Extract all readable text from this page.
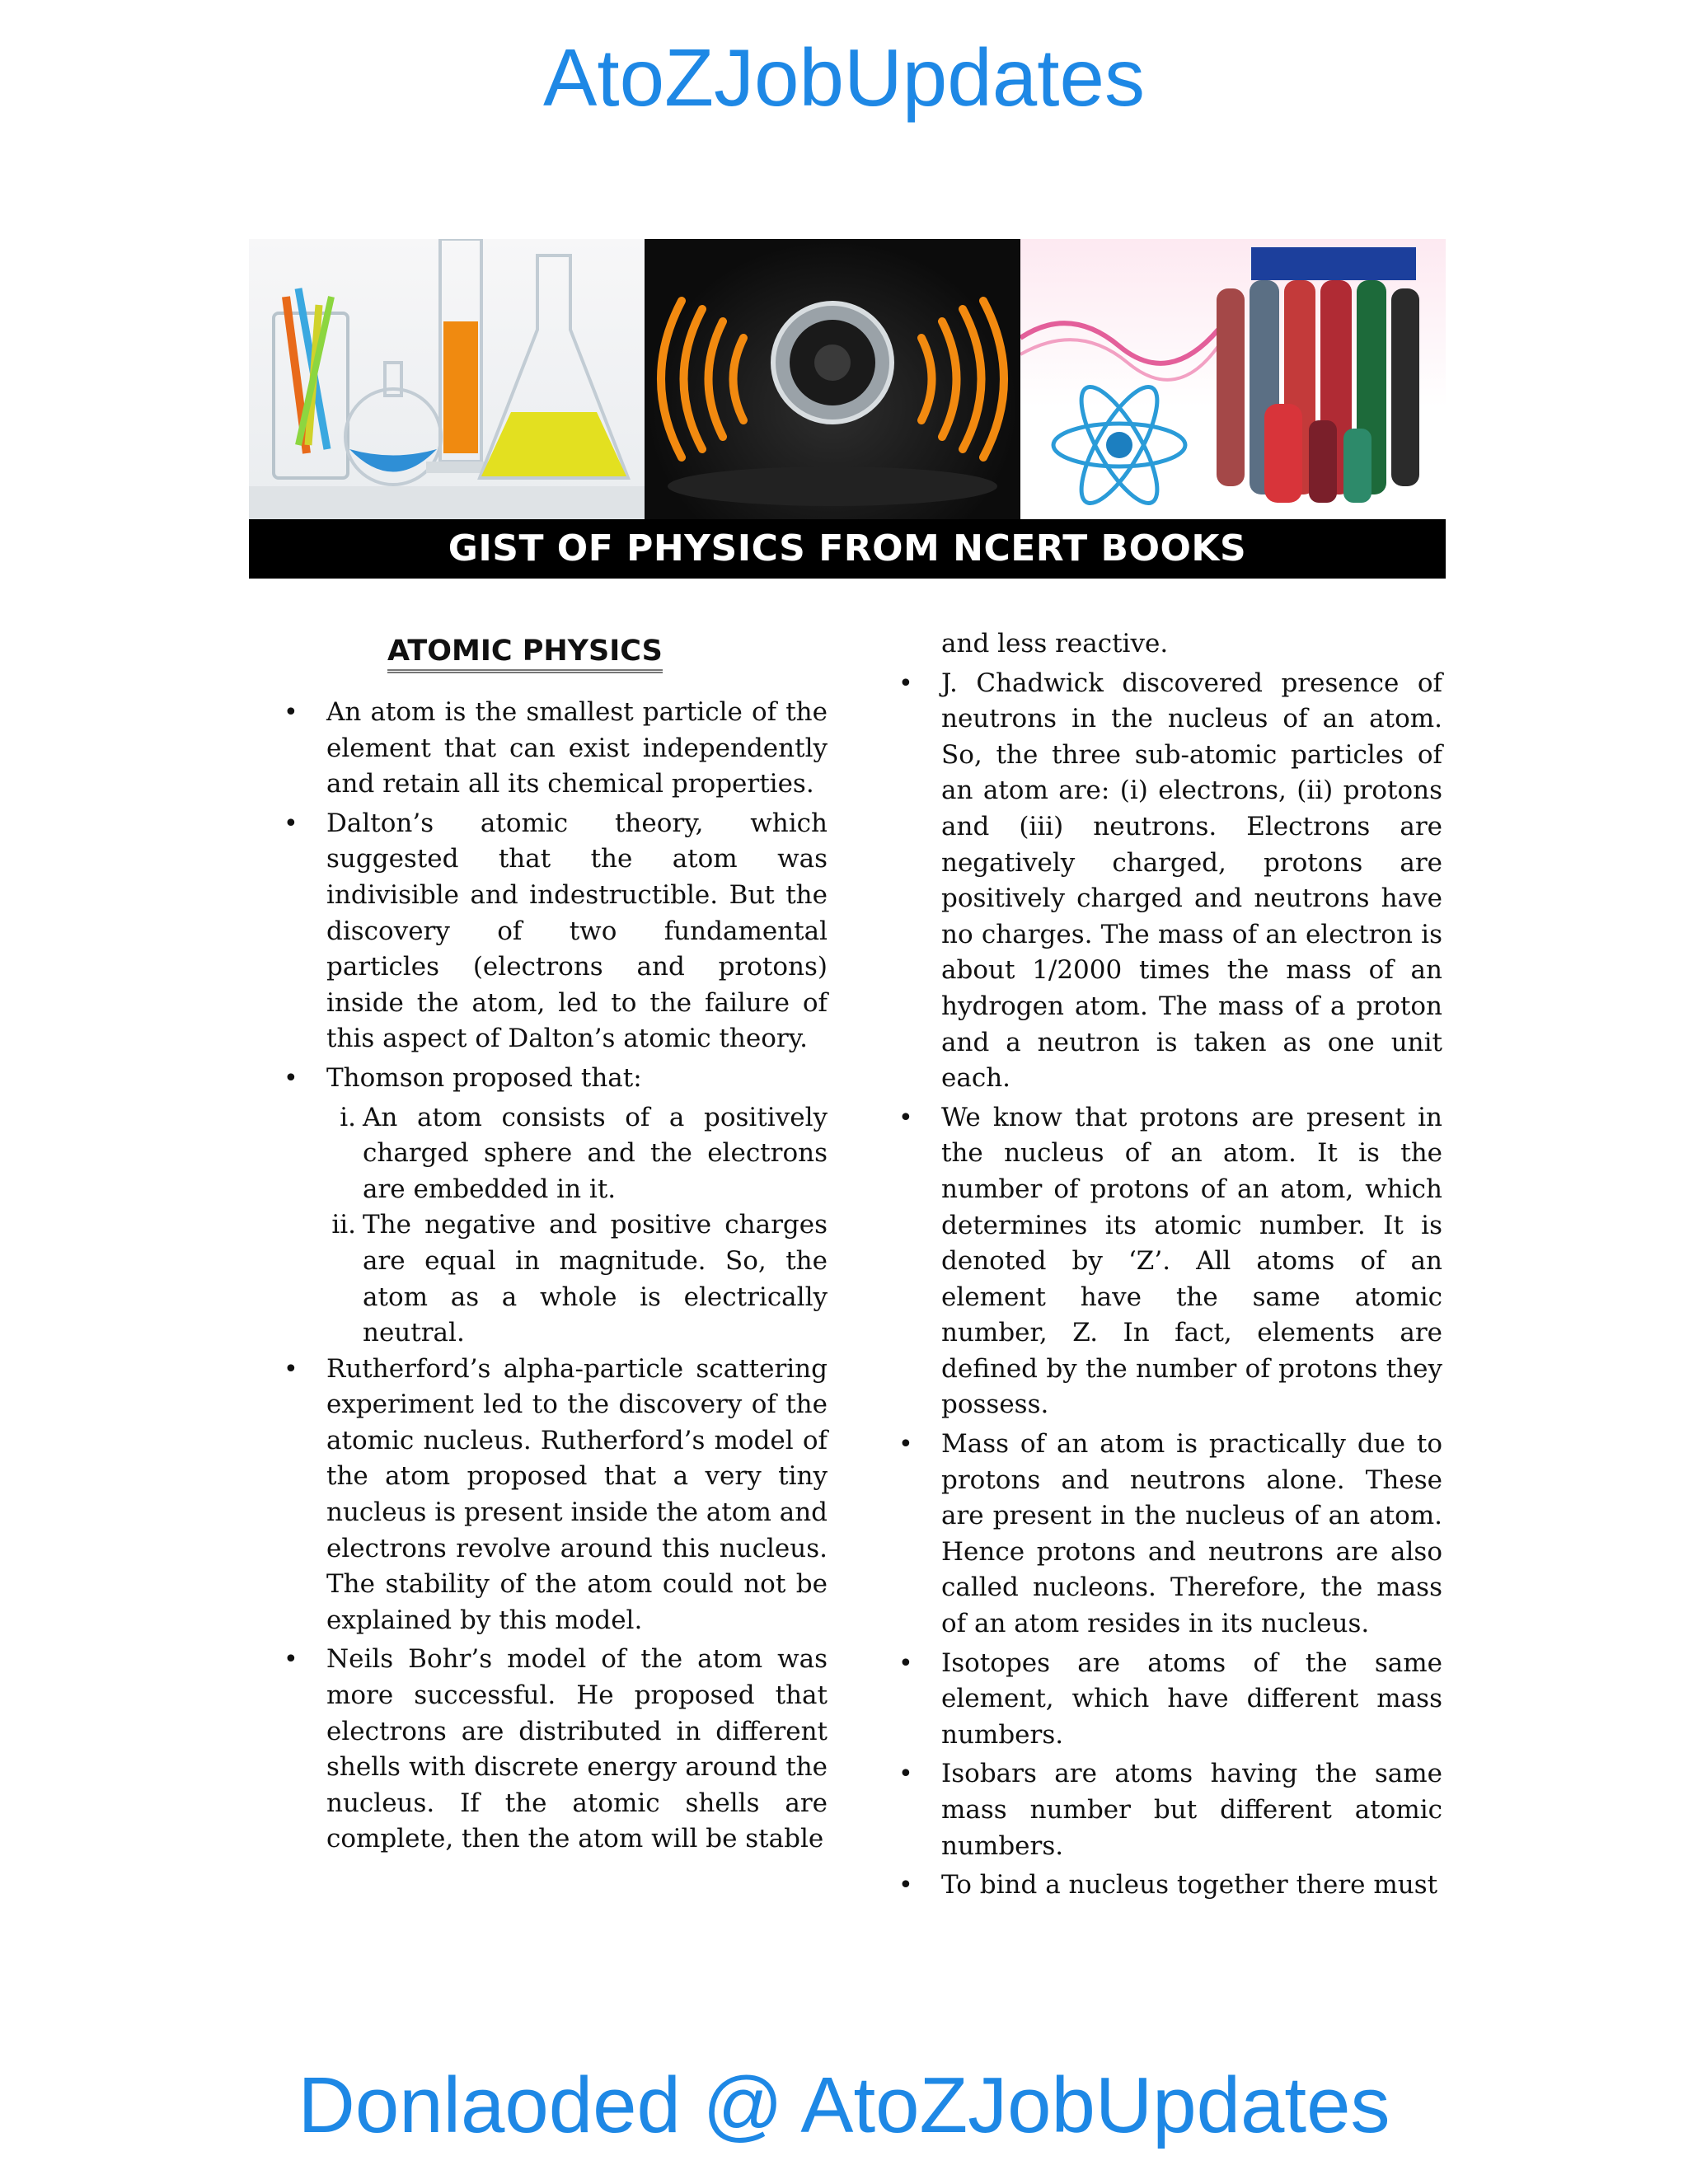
AtoZJobUpdates
GIST OF PHYSICS FROM NCERT BOOKS
ATOMIC PHYSICS

• An atom is the smallest particle of the element that can exist independently and retain all its chemical properties.

• Dalton’s atomic theory, which suggested that the atom was indivisible and indestructible. But the discovery of two fundamental particles (electrons and protons) inside the atom, led to the failure of this aspect of Dalton’s atomic theory.

• Thomson proposed that:

i. An atom consists of a positively charged sphere and the electrons are embedded in it.

ii. The negative and positive charges are equal in magnitude. So, the atom as a whole is electrically neutral.

• Rutherford’s alpha-particle scattering experiment led to the discovery of the atomic nucleus. Rutherford’s model of the atom proposed that a very tiny nucleus is present inside the atom and electrons revolve around this nucleus. The stability of the atom could not be explained by this model.

• Neils Bohr’s model of the atom was more successful. He proposed that electrons are distributed in different shells with discrete energy around the nucleus. If the atomic shells are complete, then the atom will be stable

and less reactive.

• J. Chadwick discovered presence of neutrons in the nucleus of an atom. So, the three sub-atomic particles of an atom are: (i) electrons, (ii) protons and (iii) neutrons. Electrons are negatively charged, protons are positively charged and neutrons have no charges. The mass of an electron is about 1/2000 times the mass of an hydrogen atom. The mass of a proton and a neutron is taken as one unit each.

• We know that protons are present in the nucleus of an atom. It is the number of protons of an atom, which determines its atomic number. It is denoted by ‘Z’. All atoms of an element have the same atomic number, Z. In fact, elements are defined by the number of protons they possess.

• Mass of an atom is practically due to protons and neutrons alone. These are present in the nucleus of an atom. Hence protons and neutrons are also called nucleons. Therefore, the mass of an atom resides in its nucleus.

• Isotopes are atoms of the same element, which have different mass numbers.

• Isobars are atoms having the same mass number but different atomic numbers.

• To bind a nucleus together there must

Donlaoded @ AtoZJobUpdates
